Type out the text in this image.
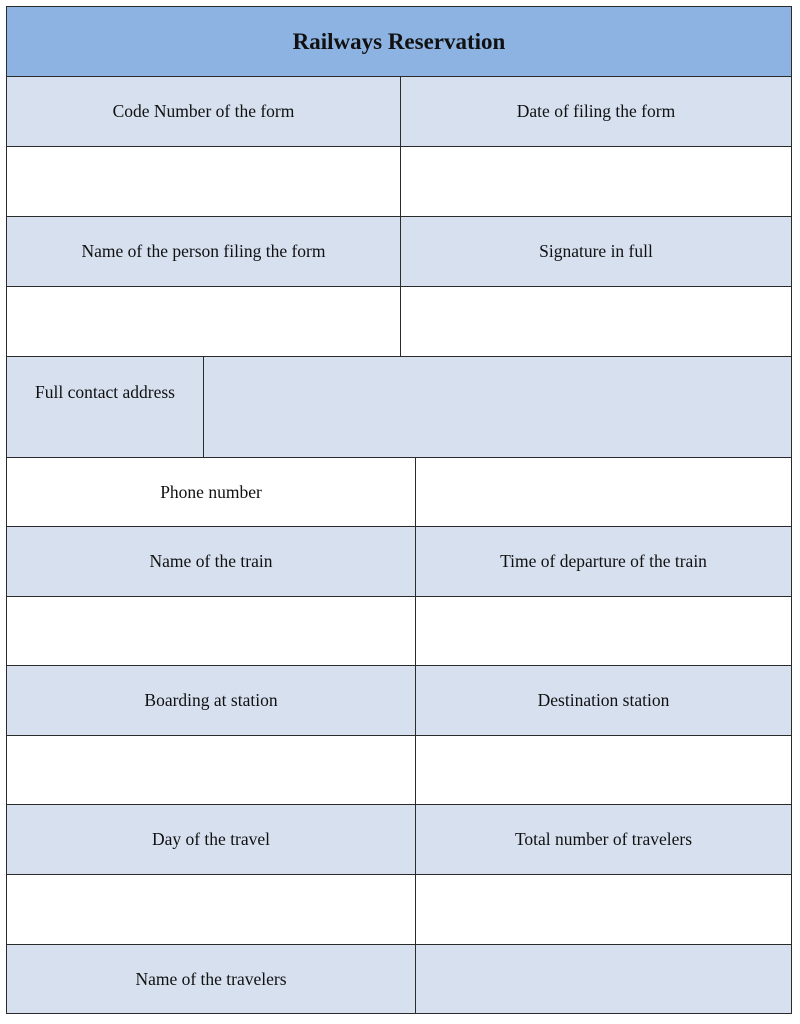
Railways Reservation
Code Number of the form	Date of filing the form
Name of the person filing the form	Signature in full
Full contact address
Phone number
Name of the train	Time of departure of the train
Boarding at station	Destination station
Day of the travel	Total number of travelers
Name of the travelers
